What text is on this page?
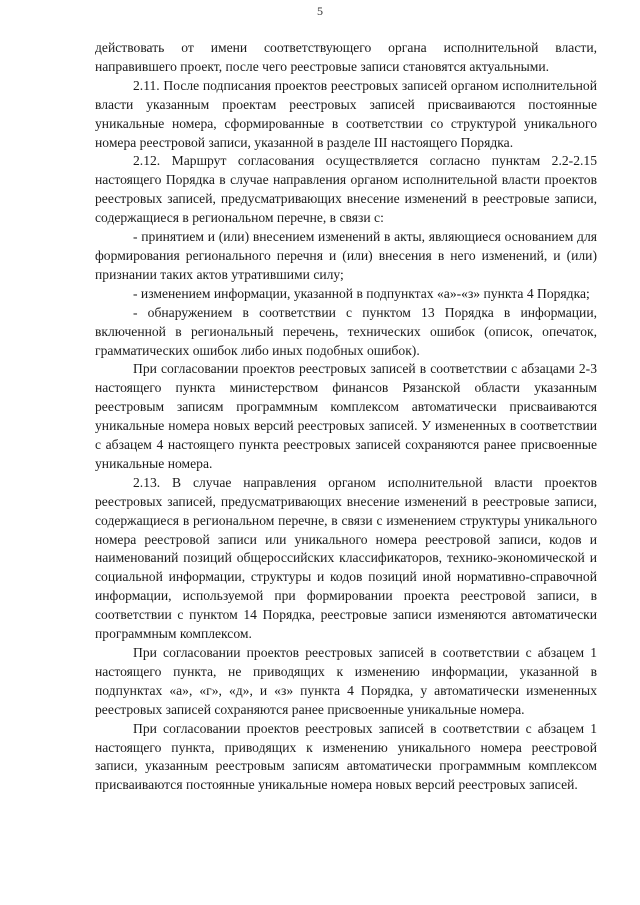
5

действовать от имени соответствующего органа исполнительной власти, направившего проект, после чего реестровые записи становятся актуальными.

2.11. После подписания проектов реестровых записей органом исполнительной власти указанным проектам реестровых записей присваиваются постоянные уникальные номера, сформированные в соответствии со структурой уникального номера реестровой записи, указанной в разделе III настоящего Порядка.

2.12. Маршрут согласования осуществляется согласно пунктам 2.2-2.15 настоящего Порядка в случае направления органом исполнительной власти проектов реестровых записей, предусматривающих внесение изменений в реестровые записи, содержащиеся в региональном перечне, в связи с:

- принятием и (или) внесением изменений в акты, являющиеся основанием для формирования регионального перечня и (или) внесения в него изменений, и (или) признании таких актов утратившими силу;

- изменением информации, указанной в подпунктах «а»-«з» пункта 4 Порядка;

- обнаружением в соответствии с пунктом 13 Порядка в информации, включенной в региональный перечень, технических ошибок (описок, опечаток, грамматических ошибок либо иных подобных ошибок).

При согласовании проектов реестровых записей в соответствии с абзацами 2-3 настоящего пункта министерством финансов Рязанской области указанным реестровым записям программным комплексом автоматически присваиваются уникальные номера новых версий реестровых записей. У измененных в соответствии с абзацем 4 настоящего пункта реестровых записей сохраняются ранее присвоенные уникальные номера.

2.13. В случае направления органом исполнительной власти проектов реестровых записей, предусматривающих внесение изменений в реестровые записи, содержащиеся в региональном перечне, в связи с изменением структуры уникального номера реестровой записи или уникального номера реестровой записи, кодов и наименований позиций общероссийских классификаторов, технико-экономической и социальной информации, структуры и кодов позиций иной нормативно-справочной информации, используемой при формировании проекта реестровой записи, в соответствии с пунктом 14 Порядка, реестровые записи изменяются автоматически программным комплексом.

При согласовании проектов реестровых записей в соответствии с абзацем 1 настоящего пункта, не приводящих к изменению информации, указанной в подпунктах «а», «г», «д», и «з» пункта 4 Порядка, у автоматически измененных реестровых записей сохраняются ранее присвоенные уникальные номера.

При согласовании проектов реестровых записей в соответствии с абзацем 1 настоящего пункта, приводящих к изменению уникального номера реестровой записи, указанным реестровым записям автоматически программным комплексом присваиваются постоянные уникальные номера новых версий реестровых записей.
